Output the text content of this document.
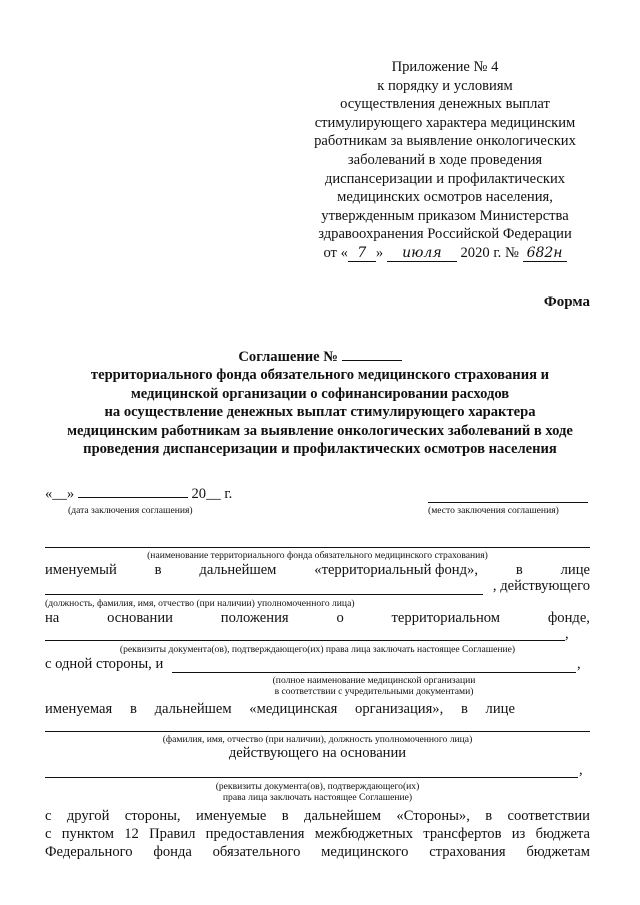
Приложение № 4
к порядку и условиям
осуществления денежных выплат
стимулирующего характера медицинским
работникам за выявление онкологических
заболеваний в ходе проведения
диспансеризации и профилактических
медицинских осмотров населения,
утвержденным приказом Министерства
здравоохранения Российской Федерации
от « 7 » июля 2020 г. № 682н
Форма
Соглашение №
территориального фонда обязательного медицинского страхования и
медицинской организации о софинансировании расходов
на осуществление денежных выплат стимулирующего характера
медицинским работникам за выявление онкологических заболеваний в ходе
проведения диспансеризации и профилактических осмотров населения
«__»	20__ г.
(дата заключения соглашения)	(место заключения соглашения)
(наименование территориального фонда обязательного медицинского страхования)
именуемый	в	дальнейшем	«территориальный фонд»,	в	лице
, действующего
(должность, фамилия, имя, отчество (при наличии) уполномоченного лица)
на	основании	положения	о	территориальном	фонде,
,
(реквизиты документа(ов), подтверждающего(их) права лица заключать настоящее Соглашение)
с одной стороны, и	,
(полное наименование медицинской организации
в соответствии с учредительными документами)
именуемая в дальнейшем «медицинская организация», в лице
(фамилия, имя, отчество (при наличии), должность уполномоченного лица)
действующего на основании
,
(реквизиты документа(ов), подтверждающего(их)
права лица заключать настоящее Соглашение)
с другой стороны, именуемые в дальнейшем «Стороны», в соответствии
с пунктом 12 Правил предоставления межбюджетных трансфертов из бюджета
Федерального фонда обязательного медицинского страхования бюджетам
